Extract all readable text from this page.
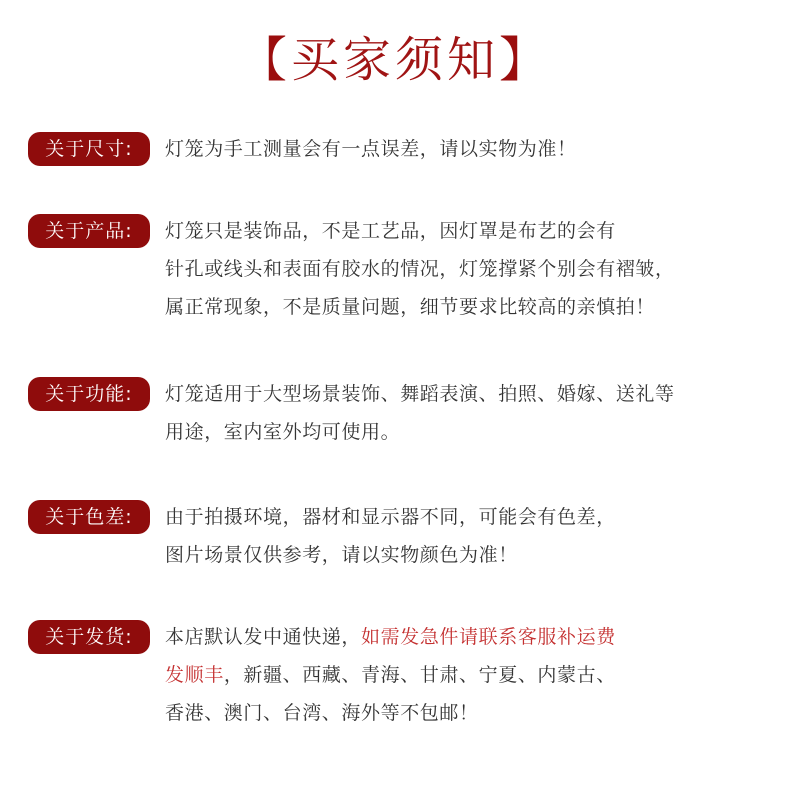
【买家须知】
关于尺寸:	灯笼为手工测量会有一点误差，请以实物为准！
关于产品:	灯笼只是装饰品，不是工艺品，因灯罩是布艺的会有
针孔或线头和表面有胶水的情况，灯笼撑紧个别会有褶皱，
属正常现象，不是质量问题，细节要求比较高的亲慎拍！
关于功能:	灯笼适用于大型场景装饰、舞蹈表演、拍照、婚嫁、送礼等
用途，室内室外均可使用。
关于色差:	由于拍摄环境，器材和显示器不同，可能会有色差，
图片场景仅供参考，请以实物颜色为准！
关于发货:	本店默认发中通快递，如需发急件请联系客服补运费
发顺丰，新疆、西藏、青海、甘肃、宁夏、内蒙古、
香港、澳门、台湾、海外等不包邮！
